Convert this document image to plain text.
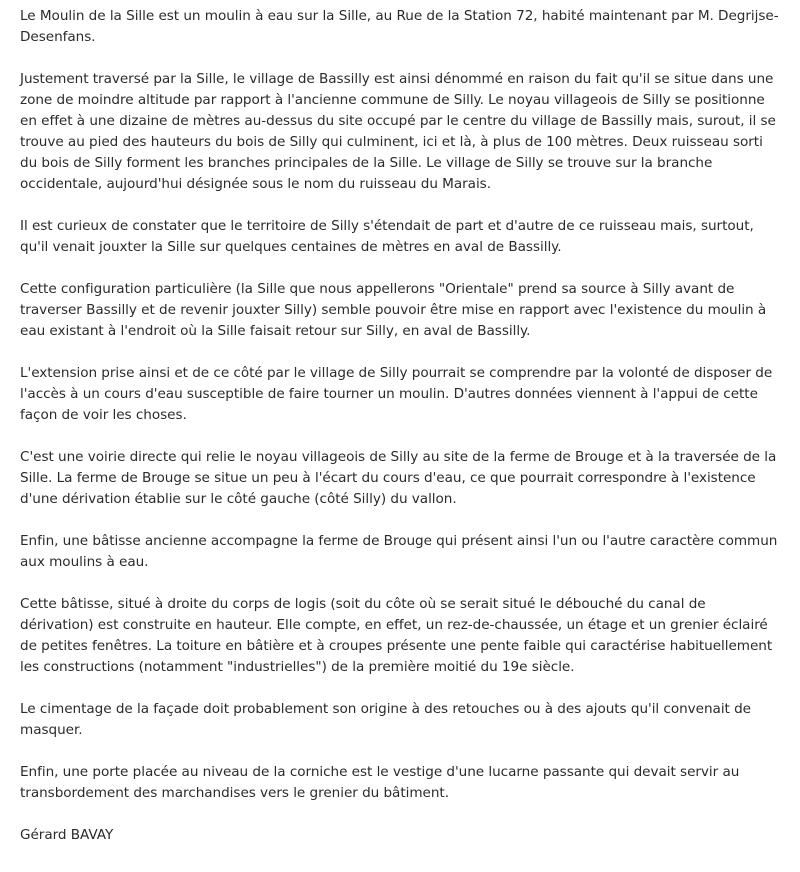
Le Moulin de la Sille est un moulin à eau sur la Sille, au Rue de la Station 72, habité maintenant par M. Degrijse-Desenfans.

Justement traversé par la Sille, le village de Bassilly est ainsi dénommé en raison du fait qu'il se situe dans une zone de moindre altitude par rapport à l'ancienne commune de Silly. Le noyau villageois de Silly se positionne en effet à une dizaine de mètres au-dessus du site occupé par le centre du village de Bassilly mais, surout, il se trouve au pied des hauteurs du bois de Silly qui culminent, ici et là, à plus de 100 mètres. Deux ruisseau sorti du bois de Silly forment les branches principales de la Sille. Le village de Silly se trouve sur la branche occidentale, aujourd'hui désignée sous le nom du ruisseau du Marais.

Il est curieux de constater que le territoire de Silly s'étendait de part et d'autre de ce ruisseau mais, surtout, qu'il venait jouxter la Sille sur quelques centaines de mètres en aval de Bassilly.

Cette configuration particulière (la Sille que nous appellerons "Orientale" prend sa source à Silly avant de traverser Bassilly et de revenir jouxter Silly) semble pouvoir être mise en rapport avec l'existence du moulin à eau existant à l'endroit où la Sille faisait retour sur Silly, en aval de Bassilly.

L'extension prise ainsi et de ce côté par le village de Silly pourrait se comprendre par la volonté de disposer de l'accès à un cours d'eau susceptible de faire tourner un moulin. D'autres données viennent à l'appui de cette façon de voir les choses.

C'est une voirie directe qui relie le noyau villageois de Silly au site de la ferme de Brouge et à la traversée de la Sille. La ferme de Brouge se situe un peu à l'écart du cours d'eau, ce que pourrait correspondre à l'existence d'une dérivation établie sur le côté gauche (côté Silly) du vallon.

Enfin, une bâtisse ancienne accompagne la ferme de Brouge qui présent ainsi l'un ou l'autre caractère commun aux moulins à eau.

Cette bâtisse, situé à droite du corps de logis (soit du côte où se serait situé le débouché du canal de dérivation) est construite en hauteur. Elle compte, en effet, un rez-de-chaussée, un étage et un grenier éclairé de petites fenêtres. La toiture en bâtière et à croupes présente une pente faible qui caractérise habituellement les constructions (notamment "industrielles") de la première moitié du 19e siècle.

Le cimentage de la façade doit probablement son origine à des retouches ou à des ajouts qu'il convenait de masquer.

Enfin, une porte placée au niveau de la corniche est le vestige d'une lucarne passante qui devait servir au transbordement des marchandises vers le grenier du bâtiment.

Gérard BAVAY
